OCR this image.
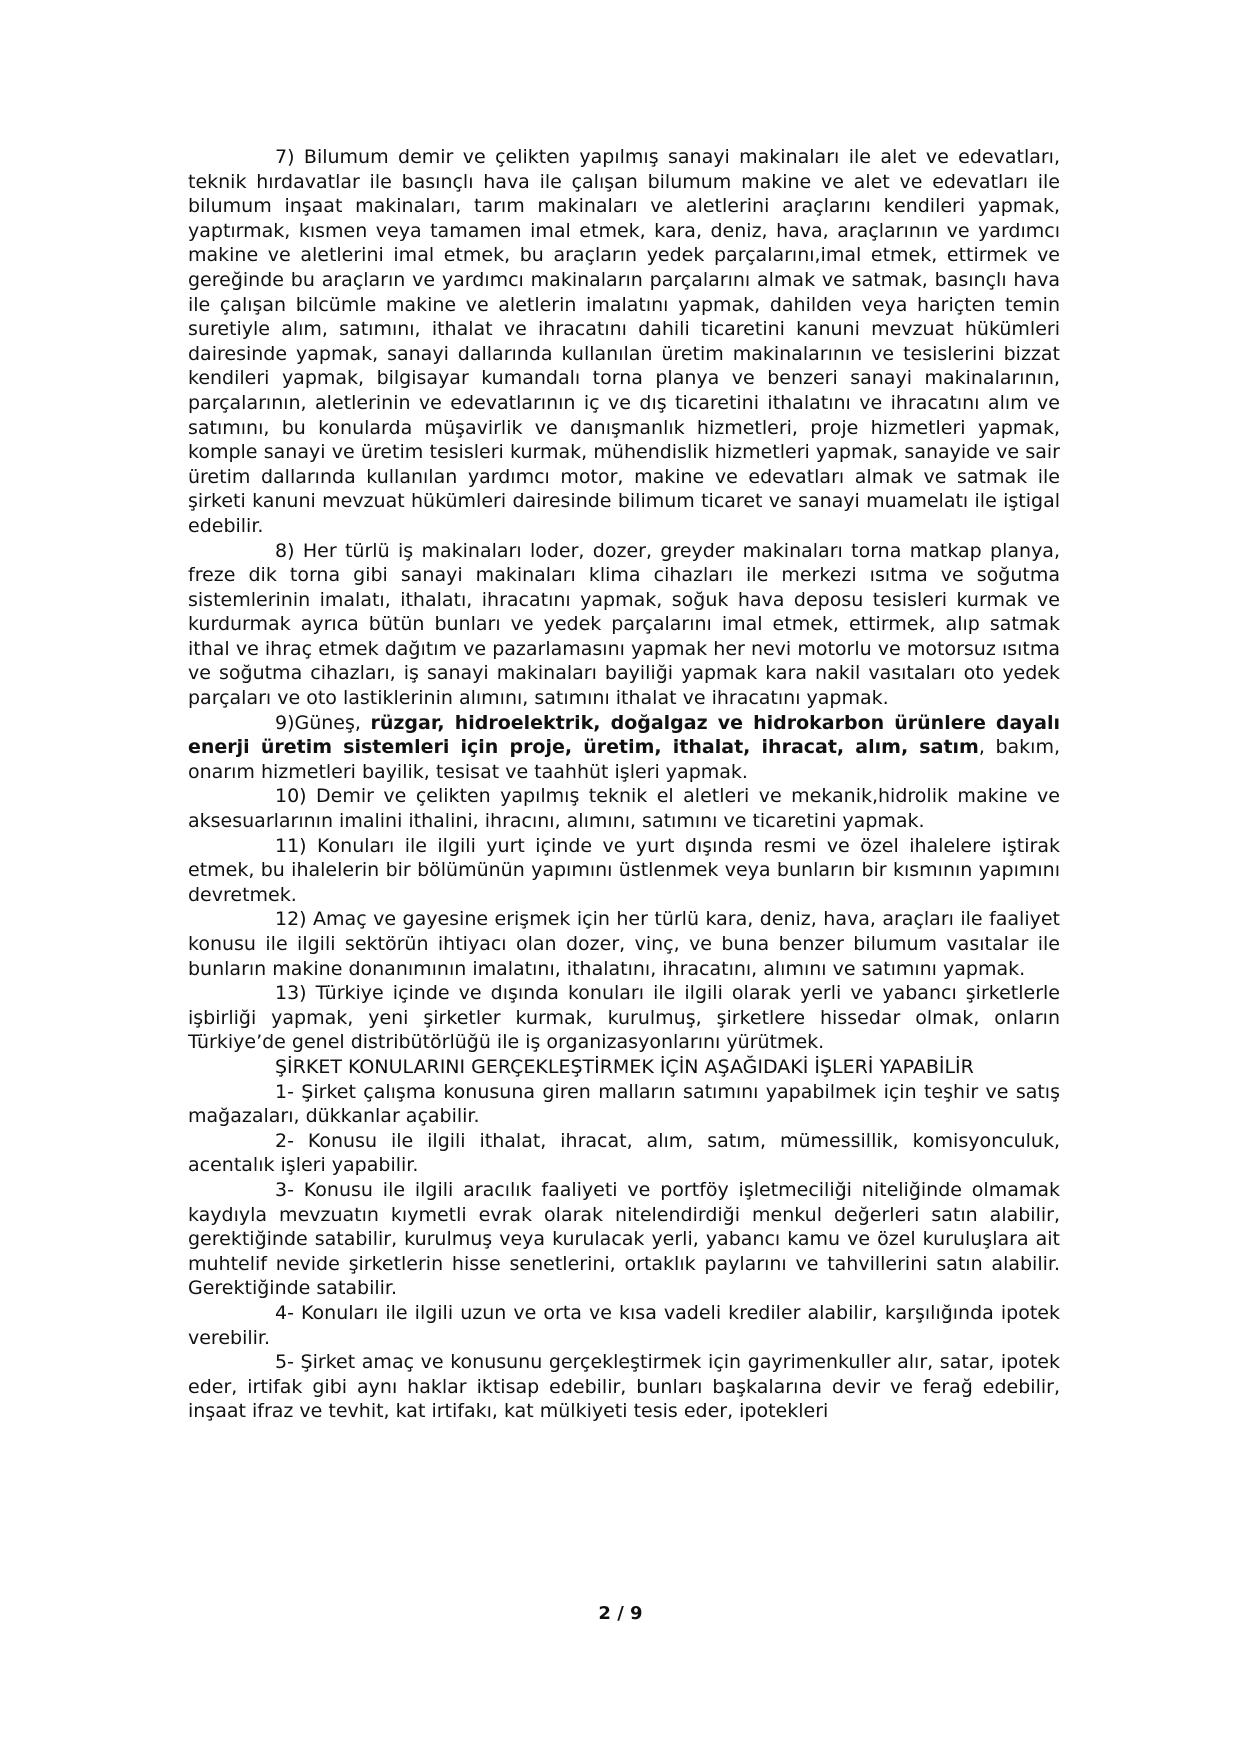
7) Bilumum demir ve çelikten yapılmış sanayi makinaları ile alet ve edevatları, teknik hırdavatlar ile basınçlı hava ile çalışan bilumum makine ve alet ve edevatları ile bilumum inşaat makinaları, tarım makinaları ve aletlerini araçlarını kendileri yapmak, yaptırmak, kısmen veya tamamen imal etmek, kara, deniz, hava, araçlarının ve yardımcı makine ve aletlerini imal etmek, bu araçların yedek parçalarını,imal etmek, ettirmek ve gereğinde bu araçların ve yardımcı makinaların parçalarını almak ve satmak, basınçlı hava ile çalışan bilcümle makine ve aletlerin imalatını yapmak, dahilden veya hariçten temin suretiyle alım, satımını, ithalat ve ihracatını dahili ticaretini kanuni mevzuat hükümleri dairesinde yapmak, sanayi dallarında kullanılan üretim makinalarının ve tesislerini bizzat kendileri yapmak, bilgisayar kumandalı torna planya ve benzeri sanayi makinalarının, parçalarının, aletlerinin ve edevatlarının iç ve dış ticaretini ithalatını ve ihracatını alım ve satımını, bu konularda müşavirlik ve danışmanlık hizmetleri, proje hizmetleri yapmak, komple sanayi ve üretim tesisleri kurmak, mühendislik hizmetleri yapmak, sanayide ve sair üretim dallarında kullanılan yardımcı motor, makine ve edevatları almak ve satmak ile şirketi kanuni mevzuat hükümleri dairesinde bilimum ticaret ve sanayi muamelatı ile iştigal edebilir.

8) Her türlü iş makinaları loder, dozer, greyder makinaları torna matkap planya, freze dik torna gibi sanayi makinaları klima cihazları ile merkezi ısıtma ve soğutma sistemlerinin imalatı, ithalatı, ihracatını yapmak, soğuk hava deposu tesisleri kurmak ve kurdurmak ayrıca bütün bunları ve yedek parçalarını imal etmek, ettirmek, alıp satmak ithal ve ihraç etmek dağıtım ve pazarlamasını yapmak her nevi motorlu ve motorsuz ısıtma ve soğutma cihazları, iş sanayi makinaları bayiliği yapmak kara nakil vasıtaları oto yedek parçaları ve oto lastiklerinin alımını, satımını ithalat ve ihracatını yapmak.

9)Güneş, rüzgar, hidroelektrik, doğalgaz ve hidrokarbon ürünlere dayalı enerji üretim sistemleri için proje, üretim, ithalat, ihracat, alım, satım, bakım, onarım hizmetleri bayilik, tesisat ve taahhüt işleri yapmak.

10) Demir ve çelikten yapılmış teknik el aletleri ve mekanik,hidrolik makine ve aksesuarlarının imalini ithalini, ihracını, alımını, satımını ve ticaretini yapmak.

11) Konuları ile ilgili yurt içinde ve yurt dışında resmi ve özel ihalelere iştirak etmek, bu ihalelerin bir bölümünün yapımını üstlenmek veya bunların bir kısmının yapımını devretmek.

12) Amaç ve gayesine erişmek için her türlü kara, deniz, hava, araçları ile faaliyet konusu ile ilgili sektörün ihtiyacı olan dozer, vinç, ve buna benzer bilumum vasıtalar ile bunların makine donanımının imalatını, ithalatını, ihracatını, alımını ve satımını yapmak.

13) Türkiye içinde ve dışında konuları ile ilgili olarak yerli ve yabancı şirketlerle işbirliği yapmak, yeni şirketler kurmak, kurulmuş, şirketlere hissedar olmak, onların Türkiye’de genel distribütörlüğü ile iş organizasyonlarını yürütmek.

ŞİRKET KONULARINI GERÇEKLEŞTİRMEK İÇİN AŞAĞIDAKİ İŞLERİ YAPABİLİR

1- Şirket çalışma konusuna giren malların satımını yapabilmek için teşhir ve satış mağazaları, dükkanlar açabilir.

2- Konusu ile ilgili ithalat, ihracat, alım, satım, mümessillik, komisyonculuk, acentalık işleri yapabilir.

3- Konusu ile ilgili aracılık faaliyeti ve portföy işletmeciliği niteliğinde olmamak kaydıyla mevzuatın kıymetli evrak olarak nitelendirdiği menkul değerleri satın alabilir, gerektiğinde satabilir, kurulmuş veya kurulacak yerli, yabancı kamu ve özel kuruluşlara ait muhtelif nevide şirketlerin hisse senetlerini, ortaklık paylarını ve tahvillerini satın alabilir. Gerektiğinde satabilir.

4- Konuları ile ilgili uzun ve orta ve kısa vadeli krediler alabilir, karşılığında ipotek verebilir.

5- Şirket amaç ve konusunu gerçekleştirmek için gayrimenkuller alır, satar, ipotek eder, irtifak gibi aynı haklar iktisap edebilir, bunları başkalarına devir ve ferağ edebilir, inşaat ifraz ve tevhit, kat irtifakı, kat mülkiyeti tesis eder, ipotekleri

2 / 9
